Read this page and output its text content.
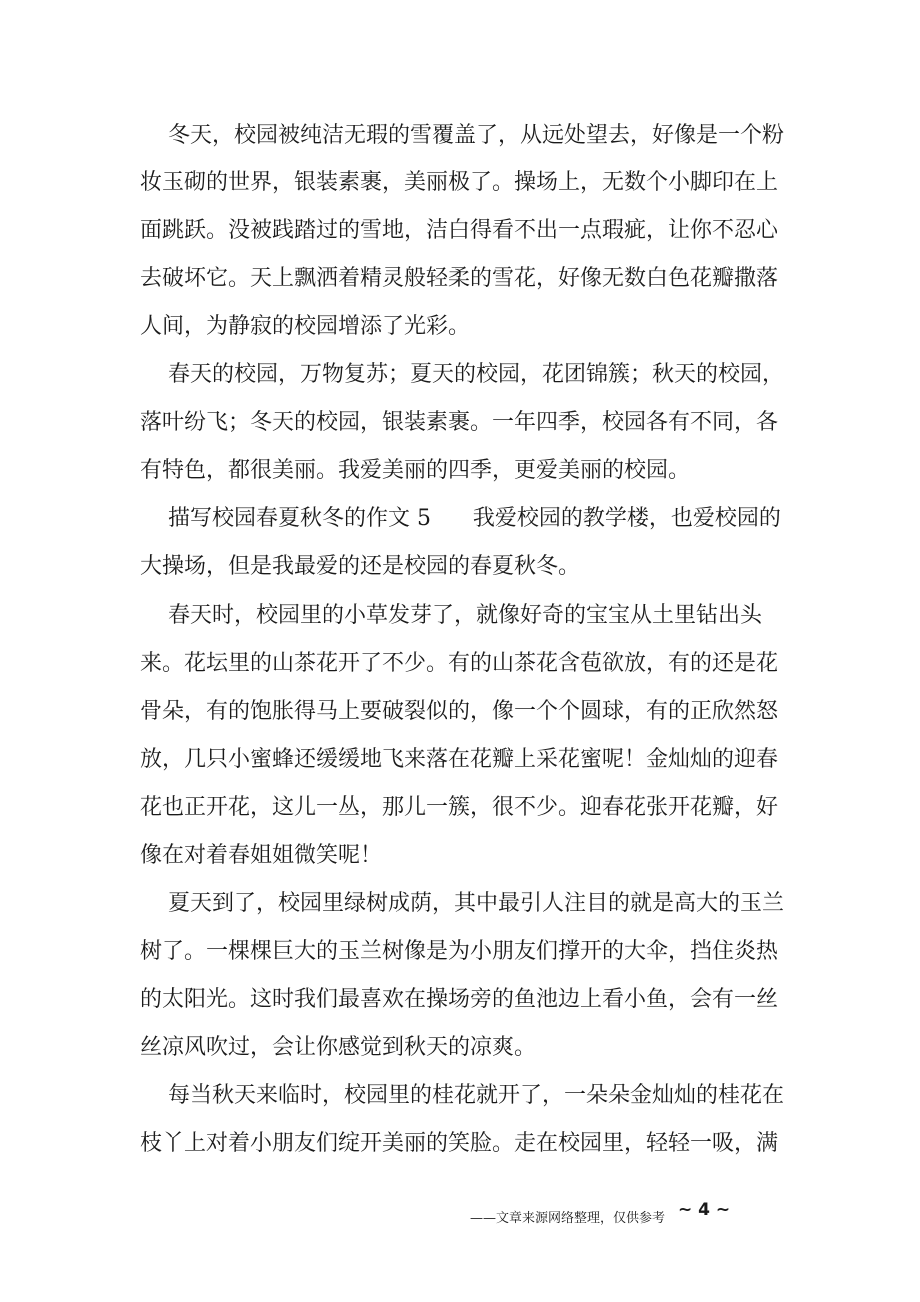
冬天，校园被纯洁无瑕的雪覆盖了，从远处望去，好像是一个粉
妆玉砌的世界，银装素裹，美丽极了。操场上，无数个小脚印在上
面跳跃。没被践踏过的雪地，洁白得看不出一点瑕疵，让你不忍心
去破坏它。天上飘洒着精灵般轻柔的雪花，好像无数白色花瓣撒落
人间，为静寂的校园增添了光彩。
春天的校园，万物复苏；夏天的校园，花团锦簇；秋天的校园，
落叶纷飞；冬天的校园，银装素裹。一年四季，校园各有不同，各
有特色，都很美丽。我爱美丽的四季，更爱美丽的校园。
描写校园春夏秋冬的作文 5      我爱校园的教学楼，也爱校园的
大操场，但是我最爱的还是校园的春夏秋冬。
春天时，校园里的小草发芽了，就像好奇的宝宝从土里钻出头
来。花坛里的山茶花开了不少。有的山茶花含苞欲放，有的还是花
骨朵，有的饱胀得马上要破裂似的，像一个个圆球，有的正欣然怒
放，几只小蜜蜂还缓缓地飞来落在花瓣上采花蜜呢！金灿灿的迎春
花也正开花，这儿一丛，那儿一簇，很不少。迎春花张开花瓣，好
像在对着春姐姐微笑呢！
夏天到了，校园里绿树成荫，其中最引人注目的就是高大的玉兰
树了。一棵棵巨大的玉兰树像是为小朋友们撑开的大伞，挡住炎热
的太阳光。这时我们最喜欢在操场旁的鱼池边上看小鱼，会有一丝
丝凉风吹过，会让你感觉到秋天的凉爽。
每当秋天来临时，校园里的桂花就开了，一朵朵金灿灿的桂花在
枝丫上对着小朋友们绽开美丽的笑脸。走在校园里，轻轻一吸，满
——文章来源网络整理，仅供参考 ~ 4 ~
